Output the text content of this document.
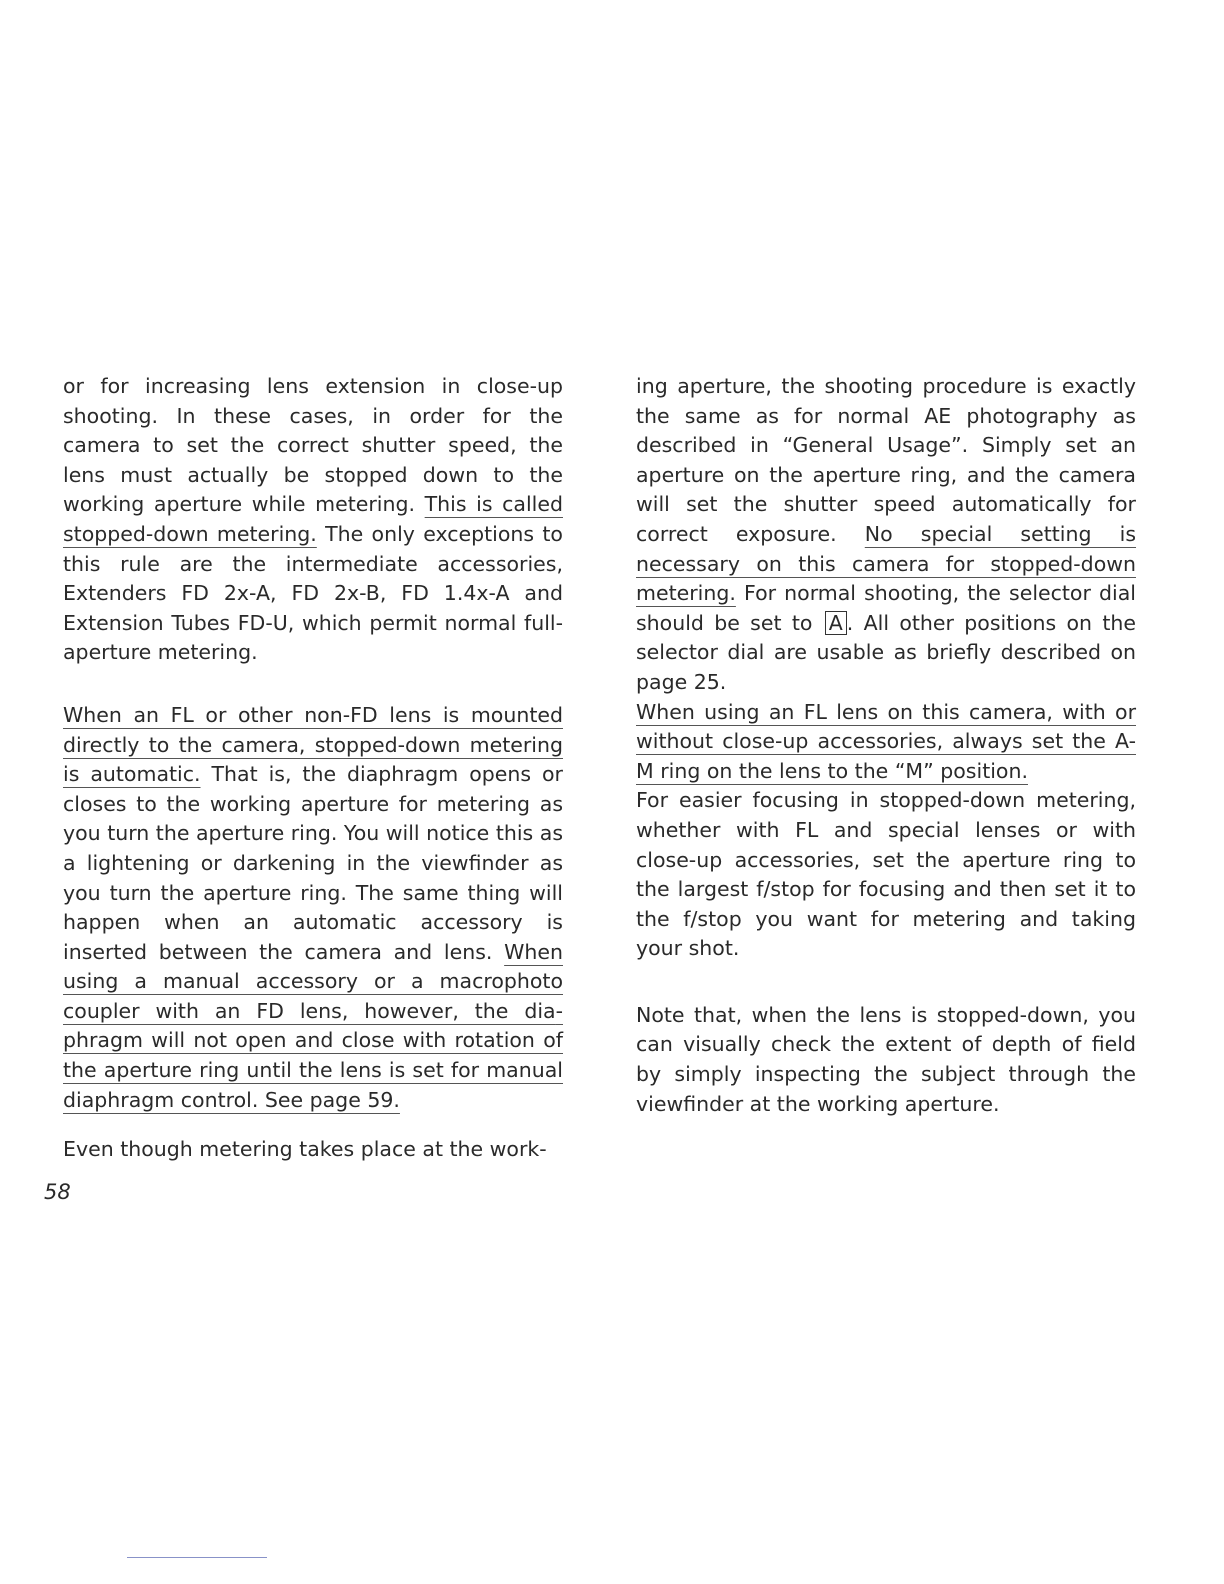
or for increasing lens extension in close-up shooting. In these cases, in order for the camera to set the correct shutter speed, the lens must actually be stopped down to the working aperture while metering. This is called stopped-down metering. The only exceptions to this rule are the intermediate accessories, Extenders FD 2x-A, FD 2x-B, FD 1.4x-A and Extension Tubes FD-U, which permit normal full-aperture metering.

When an FL or other non-FD lens is mounted directly to the camera, stopped-down metering is automatic. That is, the diaphragm opens or closes to the working aperture for metering as you turn the aperture ring. You will notice this as a lightening or darkening in the viewfinder as you turn the aperture ring. The same thing will happen when an automatic accessory is inserted between the camera and lens. When using a manual accessory or a macrophoto coupler with an FD lens, however, the diaphragm will not open and close with rotation of the aperture ring until the lens is set for manual diaphragm control. See page 59.

Even though metering takes place at the work-

ing aperture, the shooting procedure is exactly the same as for normal AE photography as described in “General Usage”. Simply set an aperture on the aperture ring, and the camera will set the shutter speed automatically for correct exposure. No special setting is necessary on this camera for stopped-down metering. For normal shooting, the selector dial should be set to A . All other positions on the selector dial are usable as briefly described on page 25.

When using an FL lens on this camera, with or without close-up accessories, always set the A-M ring on the lens to the “M” position.

For easier focusing in stopped-down metering, whether with FL and special lenses or with close-up accessories, set the aperture ring to the largest f/stop for focusing and then set it to the f/stop you want for metering and taking your shot.

Note that, when the lens is stopped-down, you can visually check the extent of depth of field by simply inspecting the subject through the viewfinder at the working aperture.

58
